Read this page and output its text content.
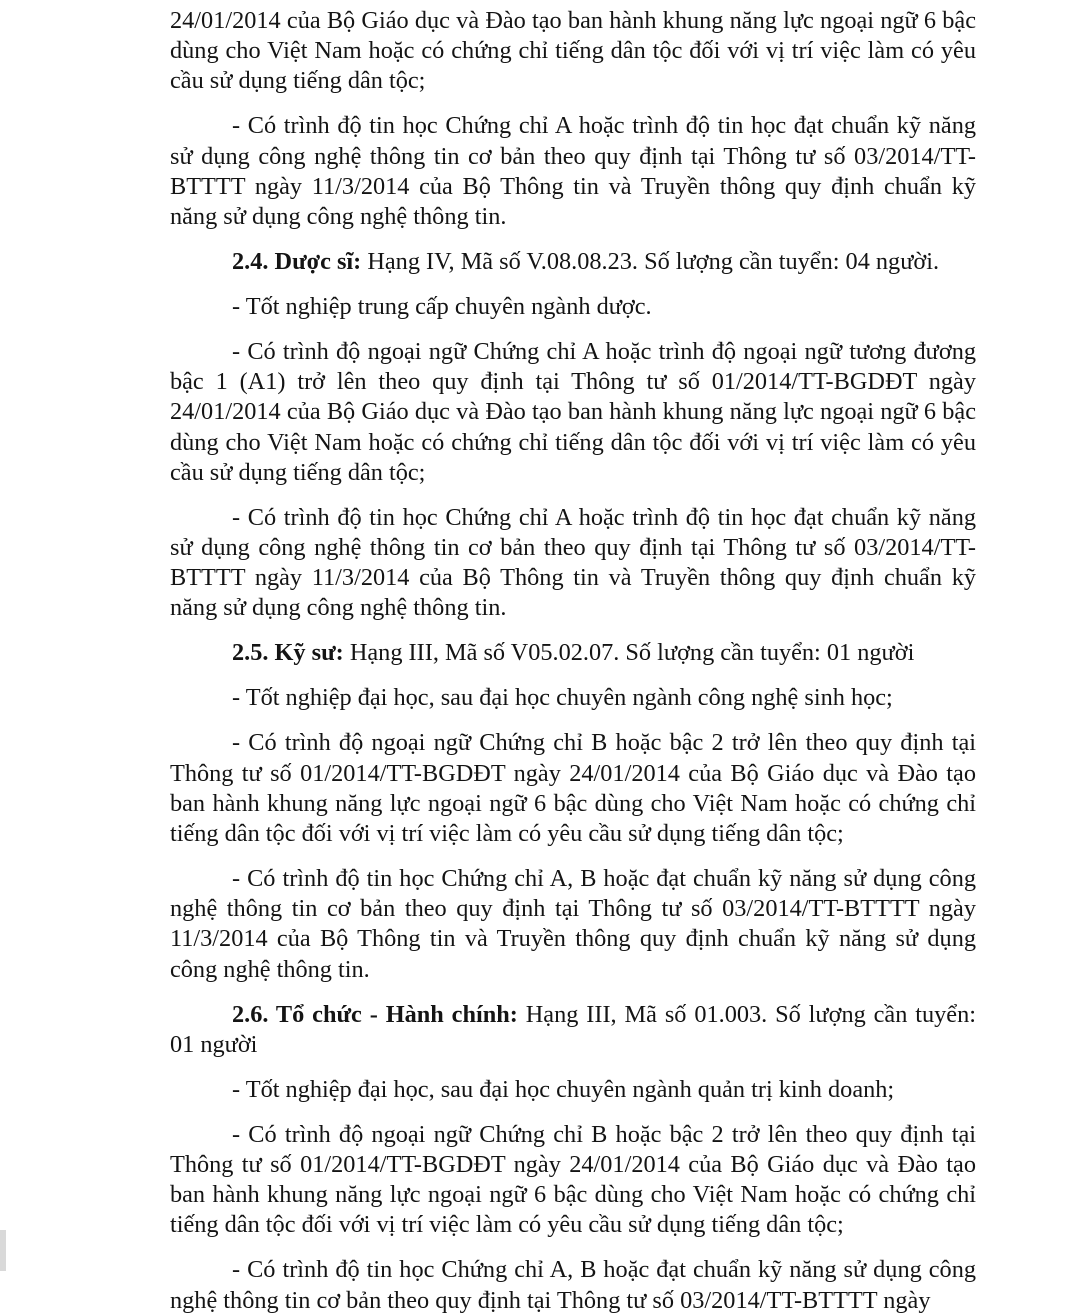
24/01/2014 của Bộ Giáo dục và Đào tạo ban hành khung năng lực ngoại ngữ 6 bậc dùng cho Việt Nam hoặc có chứng chỉ tiếng dân tộc đối với vị trí việc làm có yêu cầu sử dụng tiếng dân tộc;

- Có trình độ tin học Chứng chỉ A hoặc trình độ tin học đạt chuẩn kỹ năng sử dụng công nghệ thông tin cơ bản theo quy định tại Thông tư số 03/2014/TT-BTTTT ngày 11/3/2014 của Bộ Thông tin và Truyền thông quy định chuẩn kỹ năng sử dụng công nghệ thông tin.

2.4. Dược sĩ: Hạng IV, Mã số V.08.08.23. Số lượng cần tuyển: 04 người.

- Tốt nghiệp trung cấp chuyên ngành dược.

- Có trình độ ngoại ngữ Chứng chỉ A hoặc trình độ ngoại ngữ tương đương bậc 1 (A1) trở lên theo quy định tại Thông tư số 01/2014/TT-BGDĐT ngày 24/01/2014 của Bộ Giáo dục và Đào tạo ban hành khung năng lực ngoại ngữ 6 bậc dùng cho Việt Nam hoặc có chứng chỉ tiếng dân tộc đối với vị trí việc làm có yêu cầu sử dụng tiếng dân tộc;

- Có trình độ tin học Chứng chỉ A hoặc trình độ tin học đạt chuẩn kỹ năng sử dụng công nghệ thông tin cơ bản theo quy định tại Thông tư số 03/2014/TT-BTTTT ngày 11/3/2014 của Bộ Thông tin và Truyền thông quy định chuẩn kỹ năng sử dụng công nghệ thông tin.

2.5. Kỹ sư: Hạng III, Mã số V05.02.07. Số lượng cần tuyển: 01 người

- Tốt nghiệp đại học, sau đại học chuyên ngành công nghệ sinh học;

- Có trình độ ngoại ngữ Chứng chỉ B hoặc bậc 2 trở lên theo quy định tại Thông tư số 01/2014/TT-BGDĐT ngày 24/01/2014 của Bộ Giáo dục và Đào tạo ban hành khung năng lực ngoại ngữ 6 bậc dùng cho Việt Nam hoặc có chứng chỉ tiếng dân tộc đối với vị trí việc làm có yêu cầu sử dụng tiếng dân tộc;

- Có trình độ tin học Chứng chỉ A, B hoặc đạt chuẩn kỹ năng sử dụng công nghệ thông tin cơ bản theo quy định tại Thông tư số 03/2014/TT-BTTTT ngày 11/3/2014 của Bộ Thông tin và Truyền thông quy định chuẩn kỹ năng sử dụng công nghệ thông tin.

2.6. Tổ chức - Hành chính: Hạng III, Mã số 01.003. Số lượng cần tuyển: 01 người

- Tốt nghiệp đại học, sau đại học chuyên ngành quản trị kinh doanh;

- Có trình độ ngoại ngữ Chứng chỉ B hoặc bậc 2 trở lên theo quy định tại Thông tư số 01/2014/TT-BGDĐT ngày 24/01/2014 của Bộ Giáo dục và Đào tạo ban hành khung năng lực ngoại ngữ 6 bậc dùng cho Việt Nam hoặc có chứng chỉ tiếng dân tộc đối với vị trí việc làm có yêu cầu sử dụng tiếng dân tộc;

- Có trình độ tin học Chứng chỉ A, B hoặc đạt chuẩn kỹ năng sử dụng công nghệ thông tin cơ bản theo quy định tại Thông tư số 03/2014/TT-BTTTT ngày
